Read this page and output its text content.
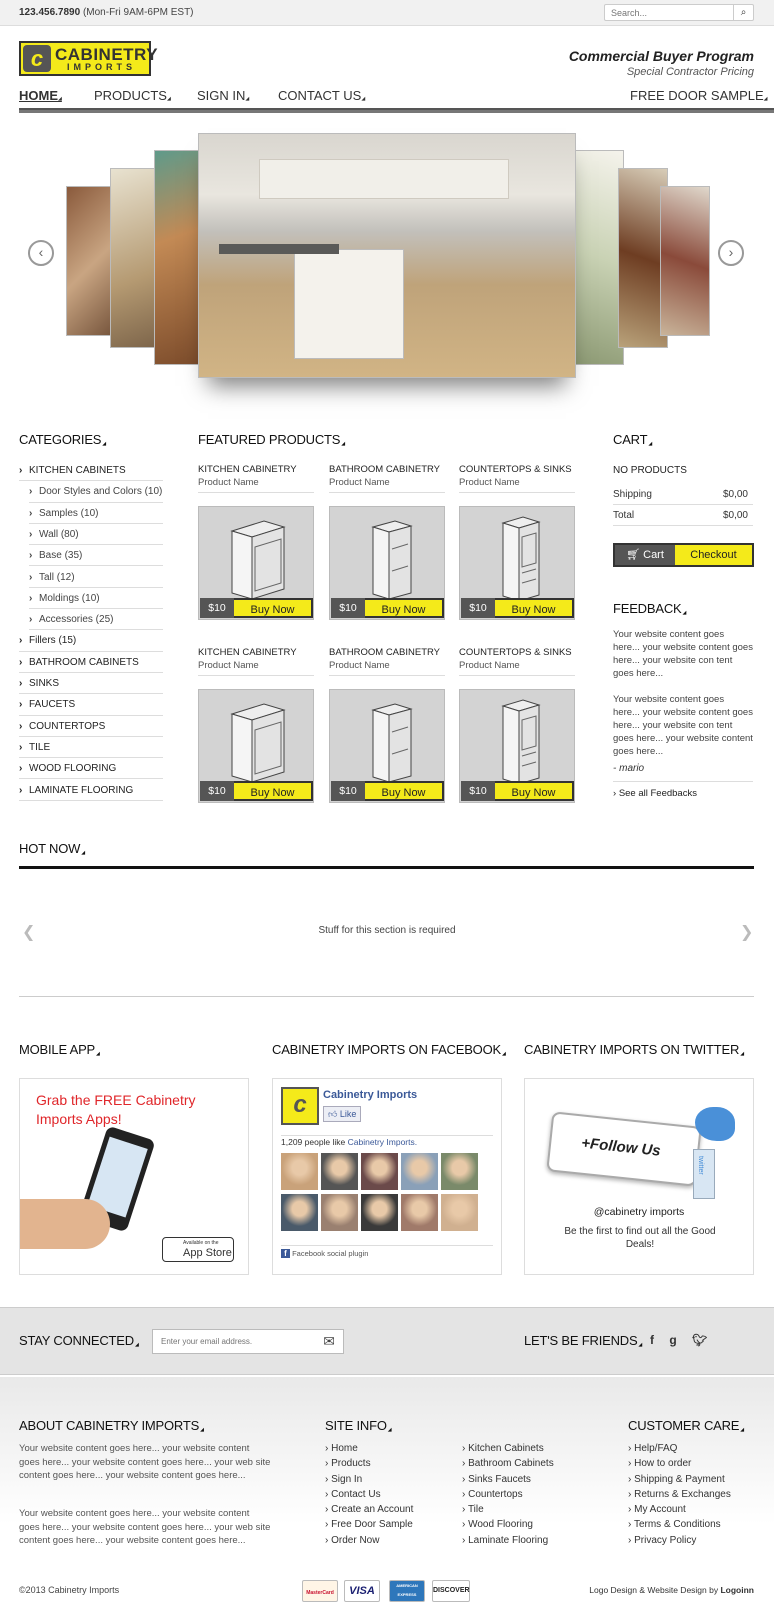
123.456.7890 (Mon-Fri 9AM-6PM EST)
Search...	⌕
c CABINETRY
IMPORTS
Commercial Buyer Program
Special Contractor Pricing
HOME◢ PRODUCTS◢ SIGN IN◢ CONTACT US◢	FREE DOOR SAMPLE◢
‹	›
CATEGORIES ◢
› KITCHEN CABINETS
› Door Styles and Colors (10)
› Samples (10)
› Wall (80)
› Base (35)
› Tall (12)
› Moldings (10)
› Accessories (25)
› Fillers (15)
› BATHROOM CABINETS
› SINKS
› FAUCETS
› COUNTERTOPS
› TILE
› WOOD FLOORING
› LAMINATE FLOORING
FEATURED PRODUCTS ◢
KITCHEN CABINETRY
Product Name
$10	Buy Now
BATHROOM CABINETRY
Product Name
$10	Buy Now
COUNTERTOPS & SINKS
Product Name
$10	Buy Now
KITCHEN CABINETRY
Product Name
$10	Buy Now
BATHROOM CABINETRY
Product Name
$10	Buy Now
COUNTERTOPS & SINKS
Product Name
$10	Buy Now
CART ◢
NO PRODUCTS
Shipping	$0,00
Total	$0,00
🛒︎ Cart	Checkout
FEEDBACK ◢
Your website content goes here... your website content goes here... your website con tent goes here...
Your website content goes here... your website content goes here... your website con tent goes here... your website content goes here...
- mario
› See all Feedbacks
HOT NOW ◢
❮	❯
Stuff for this section is required
MOBILE APP ◢
Grab the FREE Cabinetry Imports Apps!
Available on the
App Store
CABINETRY IMPORTS ON FACEBOOK ◢
c	Cabinetry Imports
👍︎ Like
1,209 people like Cabinetry Imports.
f Facebook social plugin
CABINETRY IMPORTS ON TWITTER ◢
+Follow Us
twitter
@cabinetry imports
Be the first to find out all the Good Deals!
STAY CONNECTED ◢
Enter your email address.	✉	LET'S BE FRIENDS ◢	f g 🐦︎
ABOUT CABINETRY IMPORTS ◢
Your website content goes here... your website content goes here... your website content goes here... your web site content goes here... your website content goes here...
Your website content goes here... your website content goes here... your website content goes here... your web site content goes here... your website content goes here...
SITE INFO ◢
› Home
› Products
› Sign In
› Contact Us
› Create an Account
› Free Door Sample
› Order Now
› Kitchen Cabinets
› Bathroom Cabinets
› Sinks Faucets
› Countertops
› Tile
› Wood Flooring
› Laminate Flooring
CUSTOMER CARE ◢
› Help/FAQ
› How to order
› Shipping & Payment
› Returns & Exchanges
› My Account
› Terms & Conditions
› Privacy Policy
©2013 Cabinetry Imports	MasterCard	VISA	AMERICAN EXPRESS
DISCOVER	Logo Design & Website Design by Logoinn
